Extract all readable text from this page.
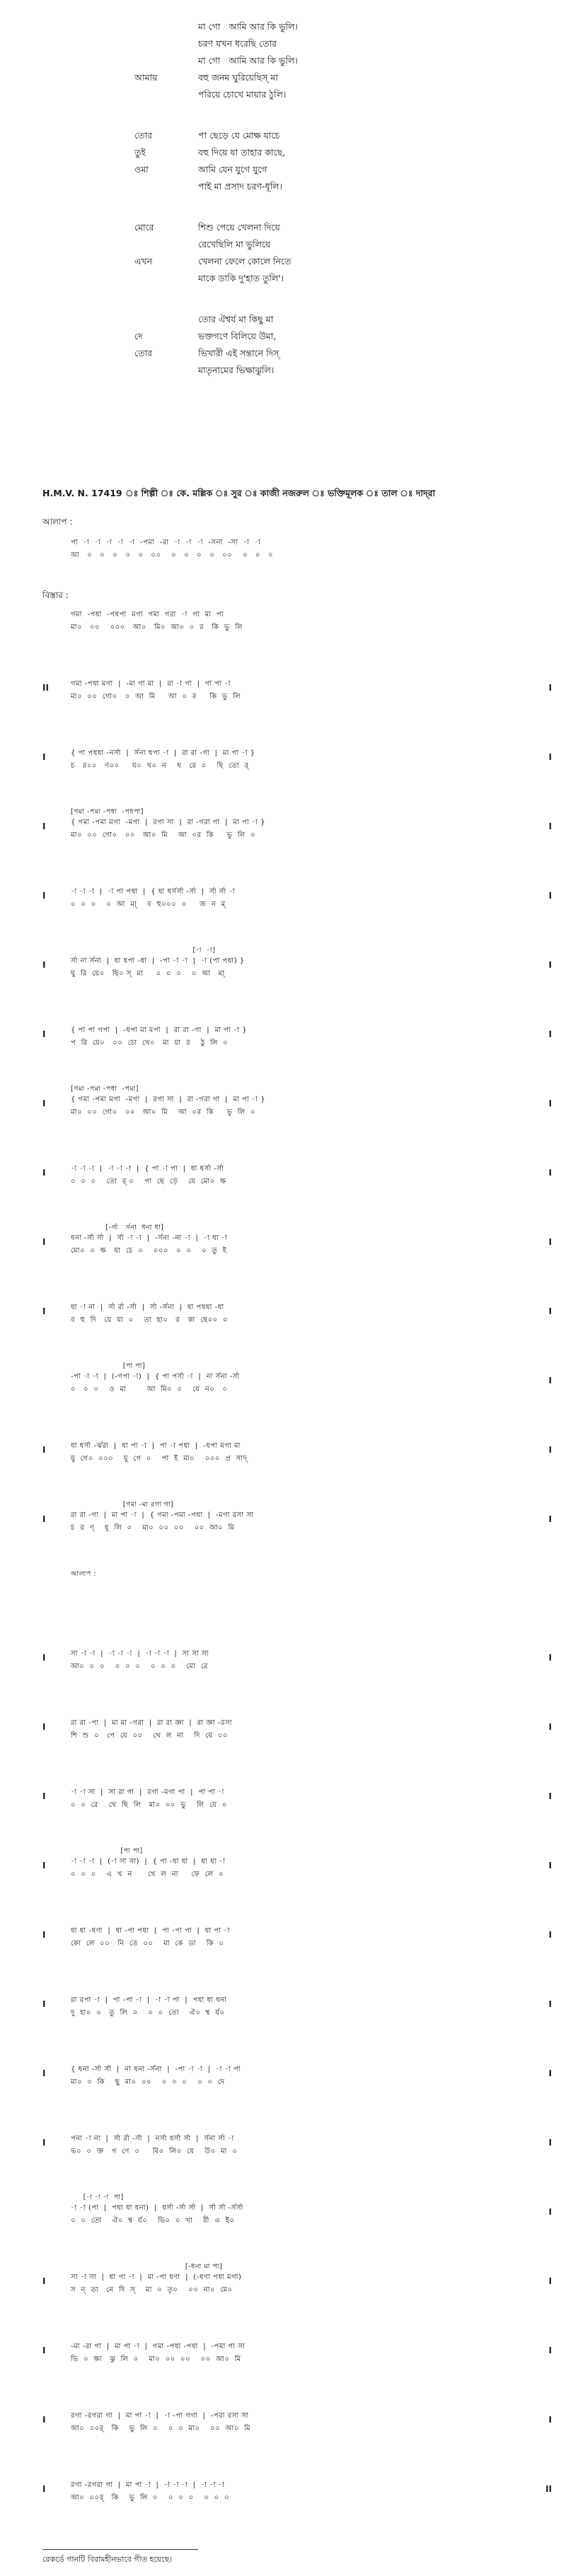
মা গো   আমি আর কি ভুলি।
চরণ যখন ধরেছি তোর
মা গো   আমি আর কি ভুলি।
আমায়	বহু জনম ঘুরিয়েছিস্ মা
পরিয়ে চোখে মায়ার ঠুলি।
তোর	পা ছেড়ে যে মোক্ষ যাচে
তুই	বহু দিয়ে যা তাহার কাছে,
ওমা	আমি যেন যুগে যুগে
পাই মা প্রসাদ চরণ-ধূলি।
মোরে	শিশু পেয়ে খেলনা দিয়ে
রেখেছিলি মা ভুলিয়ে
এখন	খেলনা ফেলে কোলে নিতে
মাকে ডাকি দু'হাত তুলি'।
তোর ঐশ্বর্য মা কিছু মা
দে	ভক্তগণে বিলিয়ে উমা,
তোর	ভিখারী এই সন্তানে দিস্
মাতৃনামের ভিক্ষাঝুলি।
H.M.V. N. 17419 ঃ শিল্পী ঃ কে. মল্লিক ঃ সুর ঃ কাজী নজরুল ঃ ভক্তিমূলক ঃ তাল ঃ দাদ্‌রা
আলাপ :
পা  -া  -া  -া  -া  -া  -পমা  -রা  -া  -া  -া  -সনা  -সা  -া  -া
আ   ০   ০   ০   ০   ০   ০০    ০   ০   ০   ০   ০০    ০   ০   ০
বিস্তার :
গমা  -পধা  -পধপা  মগা  গমা  গরা  -া  গা  মা  পা
মা০   ০০    ০০০   আ০   মি০  আ০  ০  র   কি  ভু  লি
II	গমা -পধা মগা  |  -মা গা মা  |  রা -া গা  |  গা পা -া
মা০  ০০  গো০   ০  আ  মি     আ  ০  র     কি  ভু  লি
I
I	{ পা পধধা -নর্সা  |  র্সনা ধপা -া  |  রা রা -গা  |  মা পা -া }
চ   র০০   ণ০০     য০  খ০  ন    ধ   রে  ০    ছি  তো  র্
I
I
[গমা -পমা -পধা  -পধপা]
{ গমা -পমা মগা  -মগা  |  রগা সা  |  রা -গরা গা  |  মা পা -া }
মা০  ০০  গো০   ০০   আ০  মি    আ  ০র  কি     ভু  লি  ০
I
I	-া -া -া  |  -া পা পধা  |  { ধা ধর্সর্সা -র্সা  |  র্সা র্সা -া
০  ০  ০    ০  আ  মা্    ব  হু০০০  ০     জ  ন  ম্
I
I
[-া  -া]
র্সা না র্সনা  |  ধা ধপা -ধা  |  -পা -া -া  |  -া (পা পধা) }
ঘু  রি  য়ে০   ছি০ স্  মা     ০  ০  ০    ০  আ   মা্
I
I	{ পা পা গপা  |  -ধপা মা মপা  |  রা রা -গা  |  মা পা -া }
প  রি  য়ে০   ০০  চো  খে০   মা  য়া  র    ঠু  লি  ০
I
I
[গমা -পমা -পধা  -পমা]
{ গমা -পমা মগা  -মগা  |  রগা সা  |  রা -গরা গা  |  মা পা -া }
মা০  ০০  গো০   ০০   আ০  মি    আ  ০র  কি     ভু  লি  ০
I
I	-া -া -া  |  -া -া -া  |  { পা -া পা  |  ধা ধর্সা -র্সা
০  ০  ০    তো  র্ ০    পা  ছে  ড়ে    যে  মো০  ক্ষ
I
I
[-র্সা   র্সনা  ধনা ধা]
ধনা -র্সা র্সা  |  র্সা -া -া  |  -র্সনা -না -া  |  -া ধা -া
মো০  ০  ক্ষ   যা  চে  ০    ০০০   ০  ০    ০  তু  ই
I
I	ধা -া না  |  র্সা র্রা -র্সা  |  র্সা -র্সনা  |  ধা পধধা -ধা
ব  হু  দি   য়ে  যা  ০    তা  হা০   র   কা  ছে০০  ০
I
[পা পা]
-পা -া -া  |  (-গপা -া)  |  { পা পর্সা -া  |  না র্সনা -র্সা
০   ০  ০    ও  মা        আ  মি০  ০    যে  ন০   ০
I
I	ধা ধর্সা -র্ঝরা  |  ধা পা -া  |  পা -া পধা  |  -ধপা মগা মা
যু  গে০  ০০০    যু  গে  ০    পা  ই  মা০    ০০০  প্র  সাদ্
I
I
[গমা -মা রগা গা]
রা রা -গা  |  মা পা -া  |  { গমা -পমা -পধা  |  -মগা রসা সা
চ  র  ণ্    ধূ  লি  ০    মা০  ০০  ০০    ০০  আ০  মি
I
আলাপ :
I	সা -া -া  |  -া -া -া  |  -া -া -া  |  সা সা সা
আ০  ০  ০    ০  ০  ০    ০  ০  ০    মো  রে
I
I	রা রা -পা  |  মা মা -গরা  |  রা রা জ্ঞা  |  রা জ্ঞা -রসা
শি  শু  ০   পে  য়ে  ০০    খে  ল  না    দি  য়ে  ০০
I
I	-া -া সা  |  সা রা গা  |  রগা -মগা পা  |  পা পা -া
০  ০  রে    খে  ছি  লি   মা০  ০০  ভু    লি  য়ে  ০
I
I
[পা পা]
-া -া -া  |  (-া সা সা)  |  { পা -ধা ধা  |  ধা ধা -া
০  ০  ০    এ  খ  ন      খে  ল  না     ফে  লে  ০
I
I	ধা ধা -ধণা  |  ধা -পা পধা  |  পা -পা পা  |  ধা পা -া
কো  লে  ০০   নি  তে  ০০    মা  কে  ডা    কি  ০
I
I	রা রপা -া  |  পা -পা -া  |  -া -া পা  |  পধা ধা ধনা
দু  হা০  ০   তু  লি  ০    ০  ০  তো    ঐ০  শ্ব  র্য০
I
I	{ ধনা -র্সা র্সা  |  না ধনা -র্সনা  |  -পা -া -া  |  -া -া পা
মা০  ০  কি    ছু  মা০  ০০    ০  ০  ০    ০  ০  দে
I
I	পনা -া না  |  র্সা র্রা -র্সা  |  নর্সা ধর্সা র্সা  |  র্সনা র্সা -া
ভ০  ০  ক্ত   গ  ণে  ০     বি০  লি০  য়ে    উ০  মা  ০
I
[-া -া -া  পা]
-া -া (পা  |  পধা ধা ধনা)  |  ধর্সা -র্সা র্সা  |  র্সা র্সা -র্সর্সা
০  ০  তো    ঐ০  শ্ব  র্য০    ভি০  ০  খা    রী  এ  ই০
I
I
[-ধনা মা পা]
সা -া সা  |  ধা পা -া  |  মা -পা ধণা  |  (-ধণা পধা মগা)
স  ন্  তা   নে  দি  স্    মা  ০  তৃ০    ০০  না০  মে০
I
I	-মা -রা গা  |  মা পা -া  |  গমা -পধা -পধা  |  -পমা গা সা
ভি  ০  ক্ষা   ঝু  লি  ০    মা০  ০০  ০০    ০০  আ০  মি
I
I	রগা -রগরা গা  |  মা পা -া  |  -া -পা গগা  |  -পরা রসা সা
আ০  ০০র্   কি    ভু  লি  ০    ০  ০  মা০    ০০  আ০  মি
I
I	রগা -রগরা গা  |  মা পা -া  |  -া -া -া  |  -া -া -া
আ০  ০০র্   কি    ভু  লি  ০    ০  ০  ০    ০  ০  ০
II
রেকর্ডে গানটি বিরামহীনভাবে গীত হয়েছে।
